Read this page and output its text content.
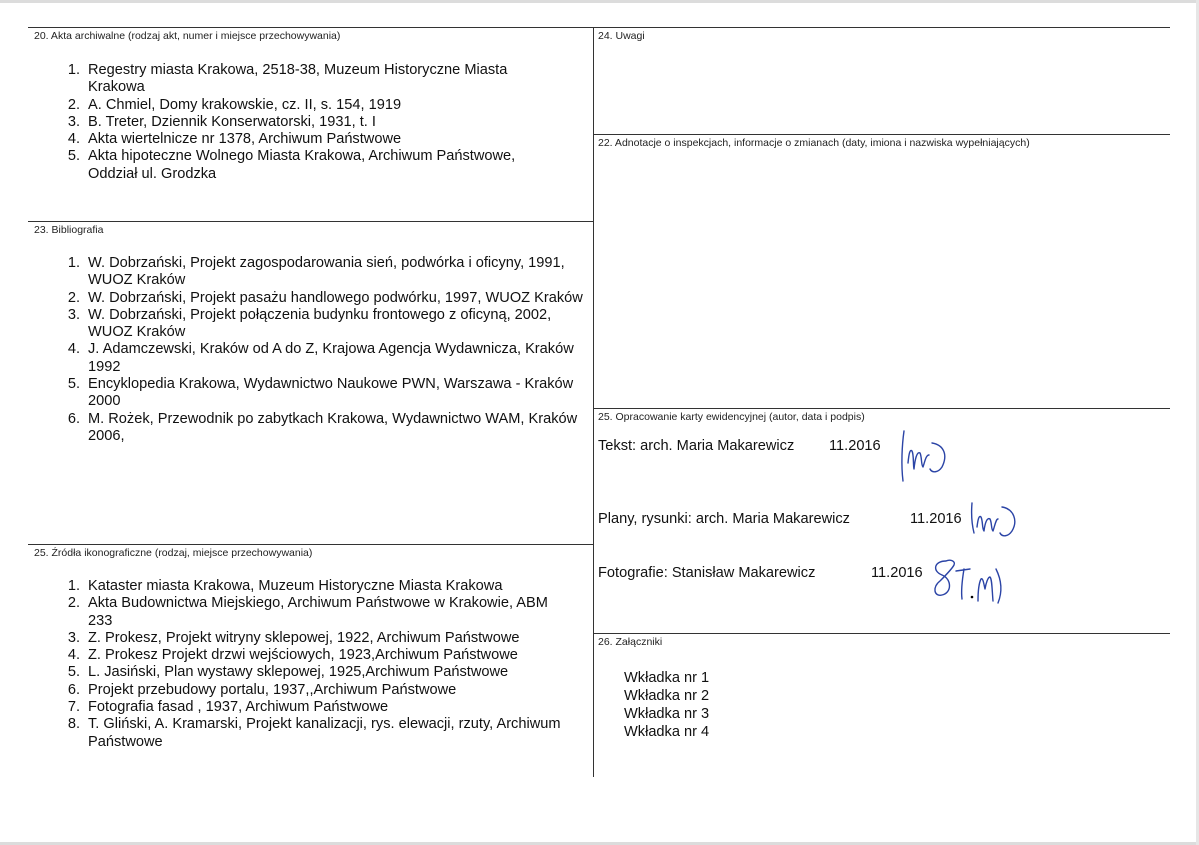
20. Akta archiwalne (rodzaj akt, numer i miejsce przechowywania)
1. Regestry miasta Krakowa, 2518-38, Muzeum Historyczne Miasta Krakowa
2. A. Chmiel, Domy krakowskie, cz. II, s. 154, 1919
3. B. Treter, Dziennik Konserwatorski, 1931, t. I
4. Akta wiertelnicze nr 1378, Archiwum Państwowe
5. Akta hipoteczne Wolnego Miasta Krakowa, Archiwum Państwowe, Oddział ul. Grodzka
23. Bibliografia
1. W. Dobrzański, Projekt zagospodarowania sień, podwórka i oficyny, 1991, WUOZ Kraków
2. W. Dobrzański, Projekt pasażu handlowego podwórku, 1997, WUOZ Kraków
3. W. Dobrzański, Projekt połączenia budynku frontowego z oficyną, 2002, WUOZ Kraków
4. J. Adamczewski, Kraków od A do Z, Krajowa Agencja Wydawnicza, Kraków 1992
5. Encyklopedia Krakowa, Wydawnictwo Naukowe PWN, Warszawa - Kraków 2000
6. M. Rożek, Przewodnik po zabytkach Krakowa, Wydawnictwo WAM, Kraków 2006,
25. Źródła ikonograficzne (rodzaj, miejsce przechowywania)
1. Kataster miasta Krakowa, Muzeum Historyczne Miasta Krakowa
2. Akta Budownictwa Miejskiego, Archiwum Państwowe w Krakowie, ABM 233
3. Z. Prokesz, Projekt witryny sklepowej, 1922, Archiwum Państwowe
4. Z. Prokesz Projekt drzwi wejściowych, 1923,Archiwum Państwowe
5. L. Jasiński, Plan wystawy sklepowej, 1925,Archiwum Państwowe
6. Projekt przebudowy portalu, 1937,,Archiwum Państwowe
7. Fotografia fasad , 1937, Archiwum Państwowe
8. T. Gliński, A. Kramarski, Projekt kanalizacji, rys. elewacji, rzuty, Archiwum Państwowe
24. Uwagi
22. Adnotacje o inspekcjach, informacje o zmianach (daty, imiona i nazwiska wypełniających)
25. Opracowanie karty ewidencyjnej (autor, data i podpis)
Tekst: arch. Maria Makarewicz 11.2016
Plany, rysunki: arch. Maria Makarewicz	11.2016
Fotografie: Stanisław Makarewicz	11.2016
26. Załączniki
Wkładka nr 1
Wkładka nr 2
Wkładka nr 3
Wkładka nr 4
